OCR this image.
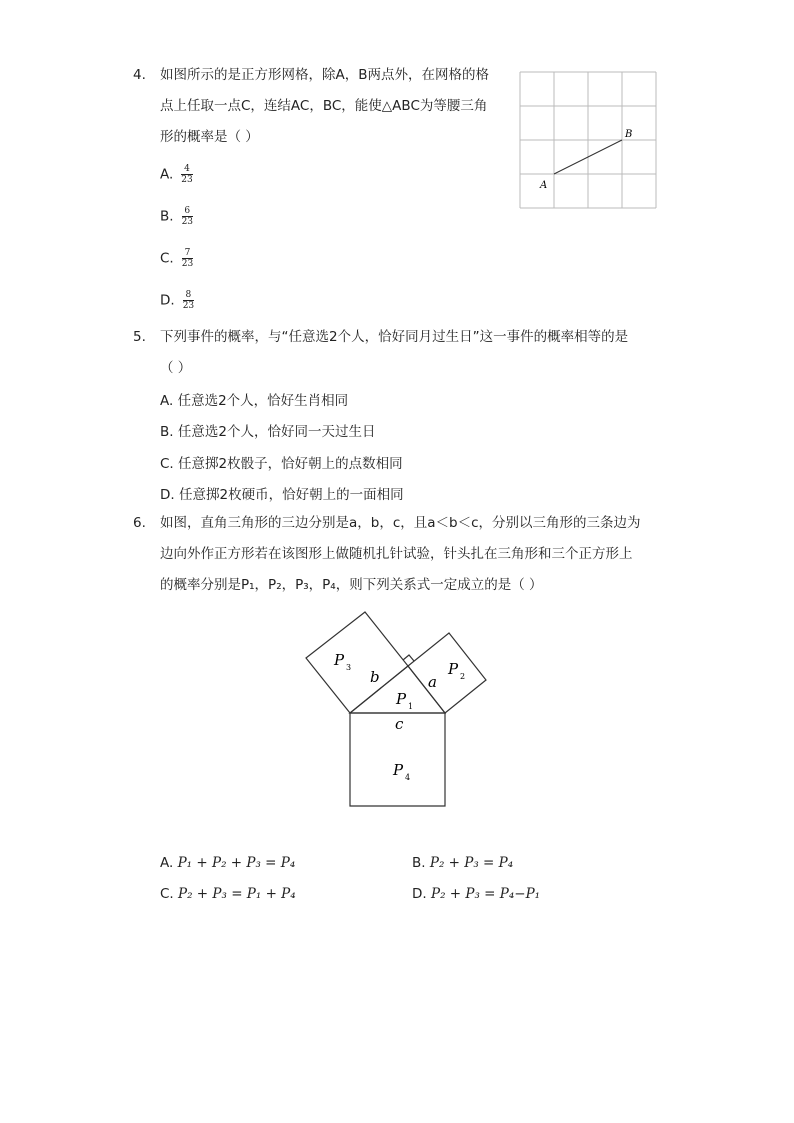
4. 如图所示的是正方形网格，除A，B两点外，在网格的格
点上任取一点C，连结AC，BC，能使△ABC为等腰三角
形的概率是（ ）
A. $\frac{4}{23}$
B. $\frac{6}{23}$
C. $\frac{7}{23}$
D. $\frac{8}{23}$
A
B
5. 下列事件的概率，与“任意选2个人，恰好同月过生日”这一事件的概率相等的是
（ ）
A. 任意选2个人，恰好生肖相同
B. 任意选2个人，恰好同一天过生日
C. 任意掷2枚骰子，恰好朝上的点数相同
D. 任意掷2枚硬币，恰好朝上的一面相同
6. 如图，直角三角形的三边分别是a，b，c，且a＜b＜c，分别以三角形的三条边为
边向外作正方形若在该图形上做随机扎针试验，针头扎在三角形和三个正方形上
的概率分别是P₁，P₂，P₃，P₄，则下列关系式一定成立的是（ ）
P 3	P 2
P 1
P 4
b	a
c
A. P₁ + P₂ + P₃ = P₄	B. P₂ + P₃ = P₄
C. P₂ + P₃ = P₁ + P₄	D. P₂ + P₃ = P₄−P₁
